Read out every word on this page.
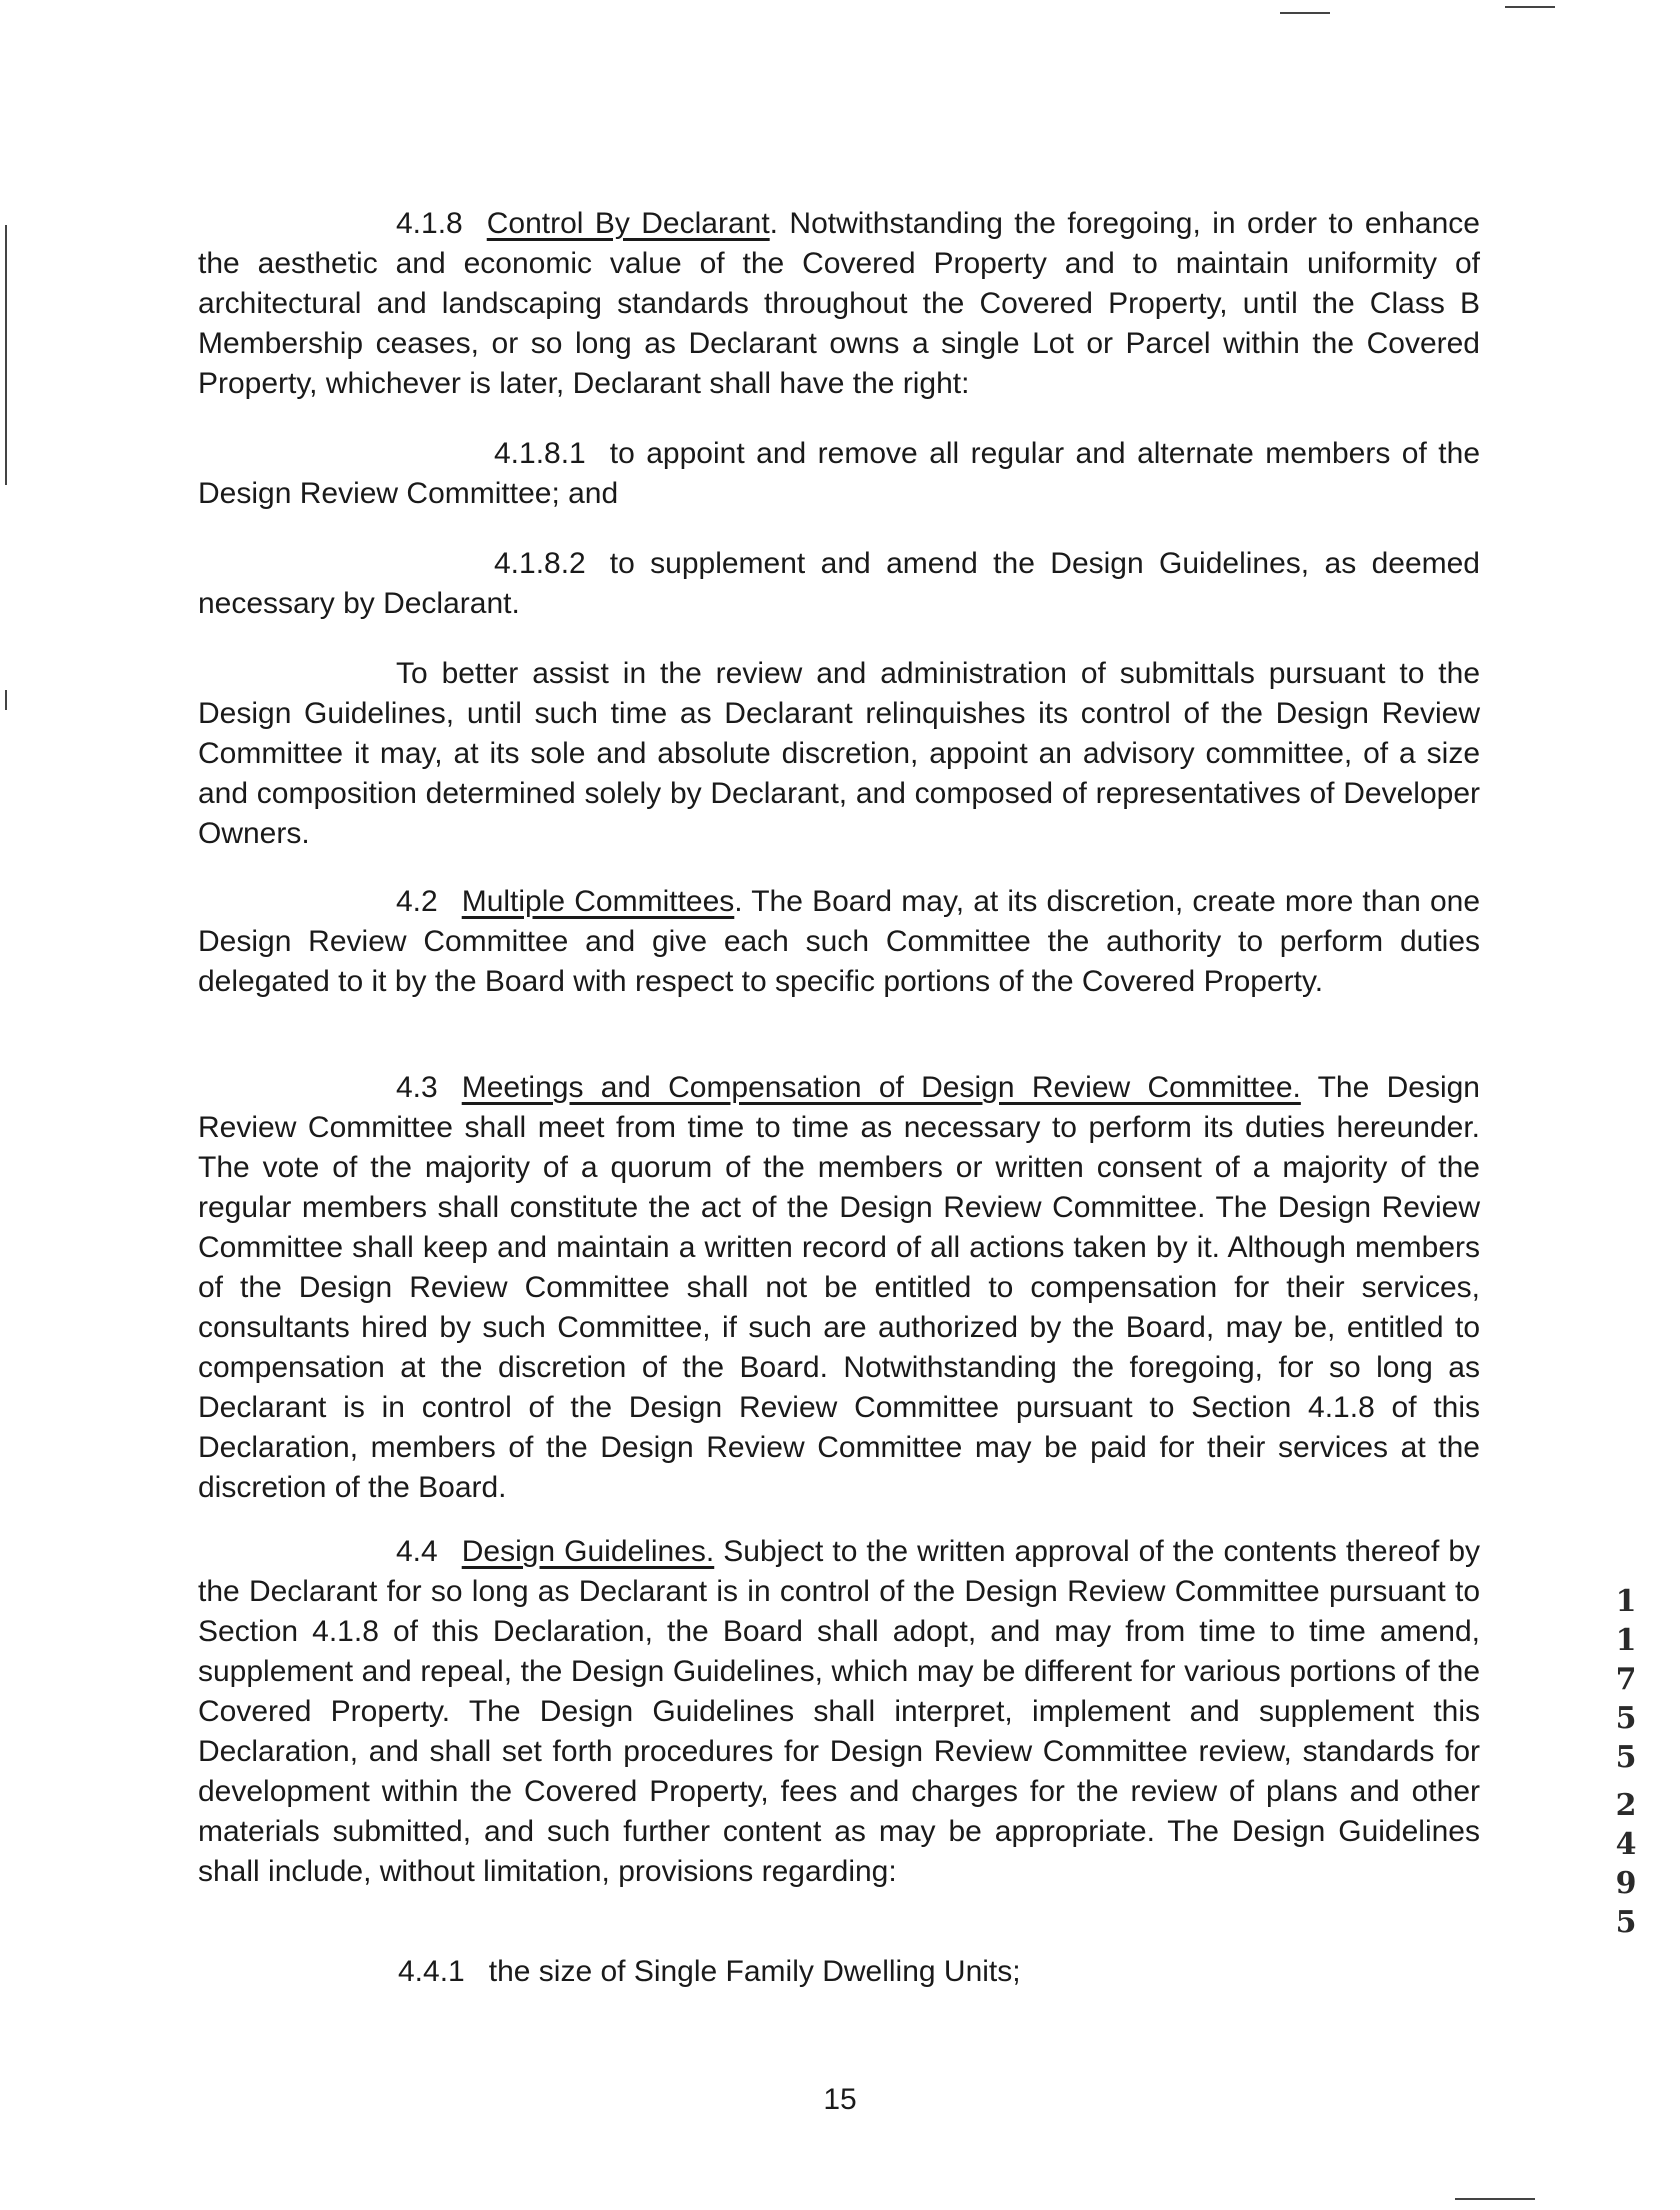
4.1.8 Control By Declarant. Notwithstanding the foregoing, in order to enhance the aesthetic and economic value of the Covered Property and to maintain uniformity of architectural and landscaping standards throughout the Covered Property, until the Class B Membership ceases, or so long as Declarant owns a single Lot or Parcel within the Covered Property, whichever is later, Declarant shall have the right:

4.1.8.1 to appoint and remove all regular and alternate members of the Design Review Committee; and

4.1.8.2 to supplement and amend the Design Guidelines, as deemed necessary by Declarant.

To better assist in the review and administration of submittals pursuant to the Design Guidelines, until such time as Declarant relinquishes its control of the Design Review Committee it may, at its sole and absolute discretion, appoint an advisory committee, of a size and composition determined solely by Declarant, and composed of representatives of Developer Owners.

4.2 Multiple Committees. The Board may, at its discretion, create more than one Design Review Committee and give each such Committee the authority to perform duties delegated to it by the Board with respect to specific portions of the Covered Property.

4.3 Meetings and Compensation of Design Review Committee. The Design Review Committee shall meet from time to time as necessary to perform its duties hereunder. The vote of the majority of a quorum of the members or written consent of a majority of the regular members shall constitute the act of the Design Review Committee. The Design Review Committee shall keep and maintain a written record of all actions taken by it. Although members of the Design Review Committee shall not be entitled to compensation for their services, consultants hired by such Committee, if such are authorized by the Board, may be, entitled to compensation at the discretion of the Board. Notwithstanding the foregoing, for so long as Declarant is in control of the Design Review Committee pursuant to Section 4.1.8 of this Declaration, members of the Design Review Committee may be paid for their services at the discretion of the Board.

4.4 Design Guidelines. Subject to the written approval of the contents thereof by the Declarant for so long as Declarant is in control of the Design Review Committee pursuant to Section 4.1.8 of this Declaration, the Board shall adopt, and may from time to time amend, supplement and repeal, the Design Guidelines, which may be different for various portions of the Covered Property. The Design Guidelines shall interpret, implement and supplement this Declaration, and shall set forth procedures for Design Review Committee review, standards for development within the Covered Property, fees and charges for the review of plans and other materials submitted, and such further content as may be appropriate. The Design Guidelines shall include, without limitation, provisions regarding:

4.4.1 the size of Single Family Dwelling Units;

15
1
1
7
5
5
2
4
9
5
